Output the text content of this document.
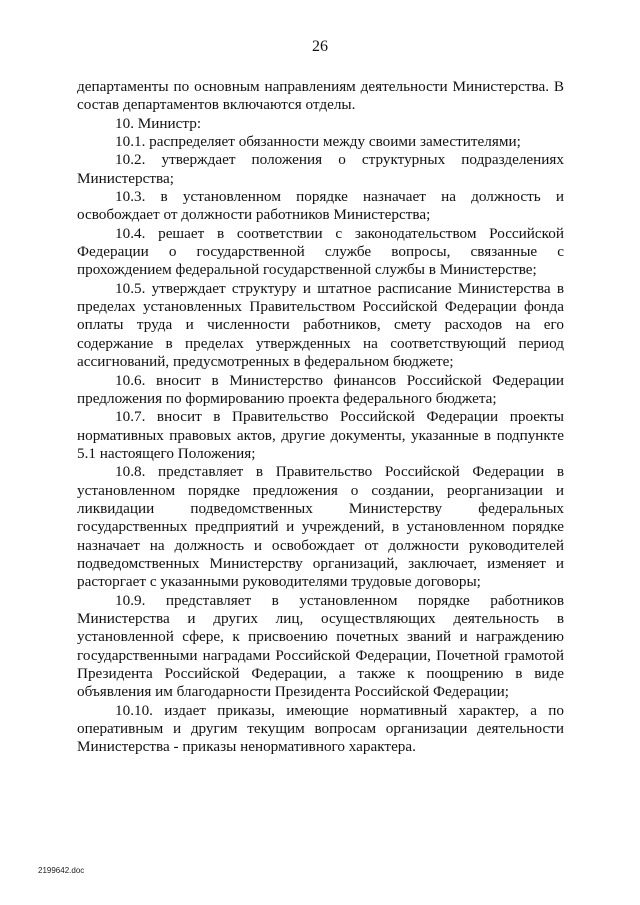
26

департаменты по основным направлениям деятельности Министерства. В состав департаментов включаются отделы.

10. Министр:

10.1. распределяет обязанности между своими заместителями;

10.2. утверждает положения о структурных подразделениях Министерства;

10.3. в установленном порядке назначает на должность и освобождает от должности работников Министерства;

10.4. решает в соответствии с законодательством Российской Федерации о государственной службе вопросы, связанные с прохождением федеральной государственной службы в Министерстве;

10.5. утверждает структуру и штатное расписание Министерства в пределах установленных Правительством Российской Федерации фонда оплаты труда и численности работников, смету расходов на его содержание в пределах утвержденных на соответствующий период ассигнований, предусмотренных в федеральном бюджете;

10.6. вносит в Министерство финансов Российской Федерации предложения по формированию проекта федерального бюджета;

10.7. вносит в Правительство Российской Федерации проекты нормативных правовых актов, другие документы, указанные в подпункте 5.1 настоящего Положения;

10.8. представляет в Правительство Российской Федерации в установленном порядке предложения о создании, реорганизации и ликвидации подведомственных Министерству федеральных государственных предприятий и учреждений, в установленном порядке назначает на должность и освобождает от должности руководителей подведомственных Министерству организаций, заключает, изменяет и расторгает с указанными руководителями трудовые договоры;

10.9. представляет в установленном порядке работников Министерства и других лиц, осуществляющих деятельность в установленной сфере, к присвоению почетных званий и награждению государственными наградами Российской Федерации, Почетной грамотой Президента Российской Федерации, а также к поощрению в виде объявления им благодарности Президента Российской Федерации;

10.10. издает приказы, имеющие нормативный характер, а по оперативным и другим текущим вопросам организации деятельности Министерства - приказы ненормативного характера.

2199642.doc
